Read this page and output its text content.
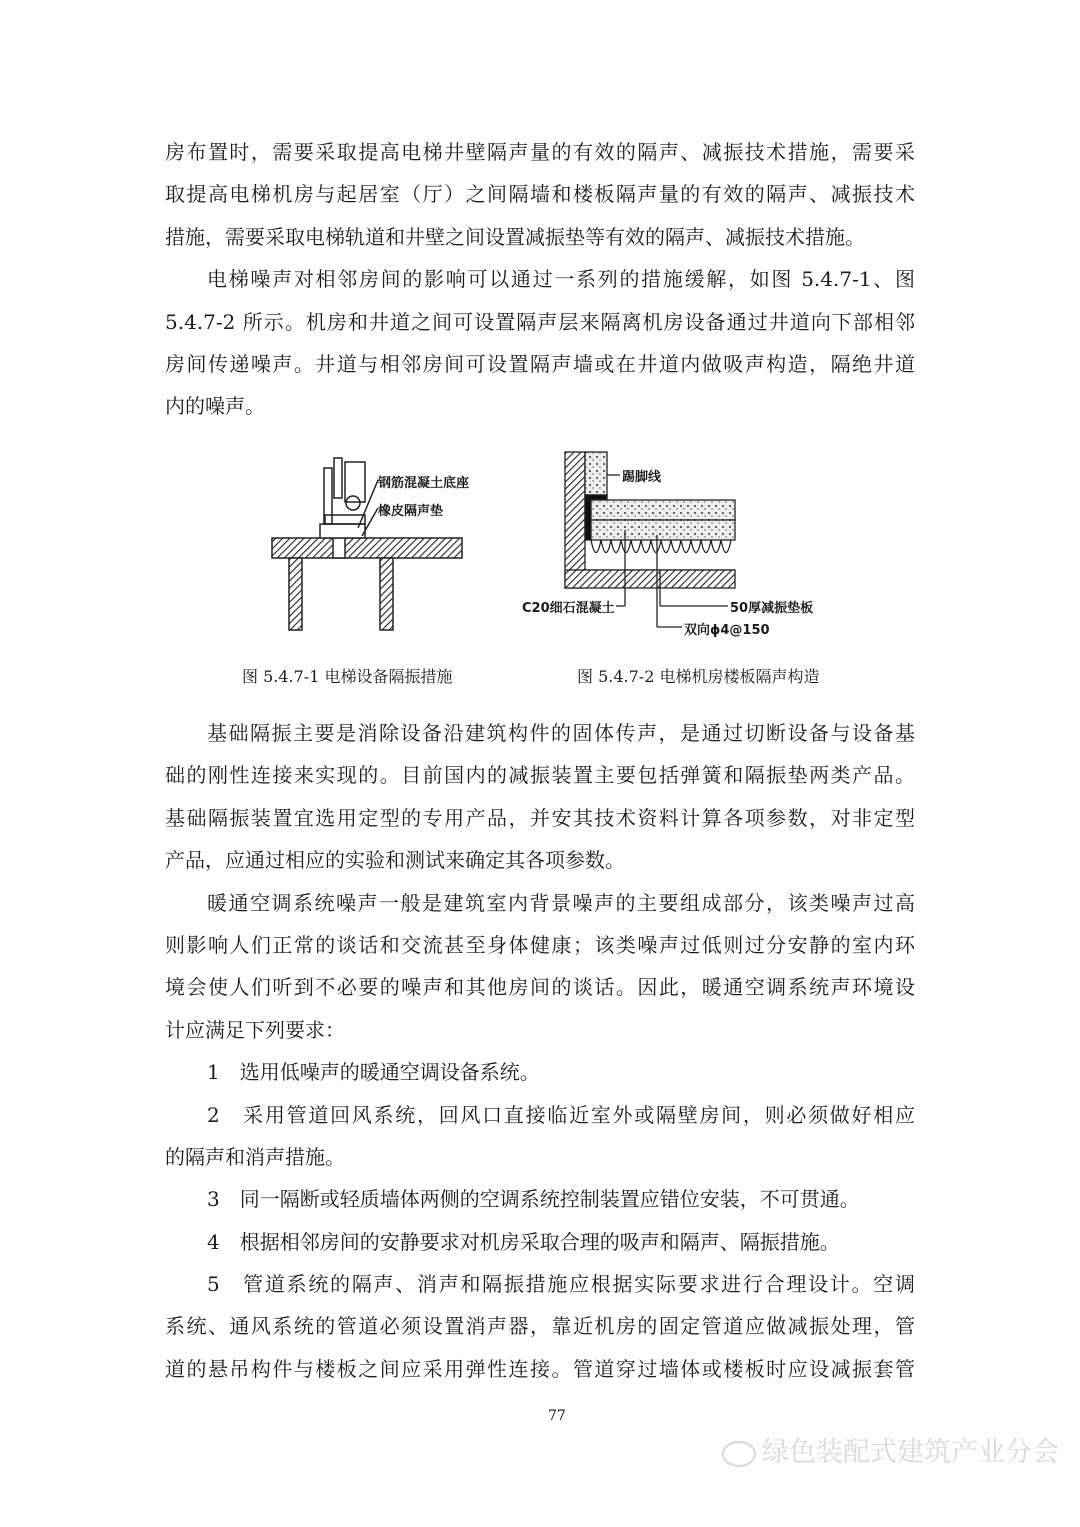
房布置时，需要采取提高电梯井壁隔声量的有效的隔声、减振技术措施，需要采
取提高电梯机房与起居室（厅）之间隔墙和楼板隔声量的有效的隔声、减振技术
措施，需要采取电梯轨道和井壁之间设置减振垫等有效的隔声、减振技术措施。
电梯噪声对相邻房间的影响可以通过一系列的措施缓解，如图 5.4.7-1、图
5.4.7-2 所示。机房和井道之间可设置隔声层来隔离机房设备通过井道向下部相邻
房间传递噪声。井道与相邻房间可设置隔声墙或在井道内做吸声构造，隔绝井道
内的噪声。
钢筋混凝土底座
橡皮隔声垫
踢脚线
C20细石混凝土	50厚减振垫板
双向ϕ4@150
图 5.4.7-1 电梯设备隔振措施	图 5.4.7-2 电梯机房楼板隔声构造
基础隔振主要是消除设备沿建筑构件的固体传声，是通过切断设备与设备基
础的刚性连接来实现的。目前国内的减振装置主要包括弹簧和隔振垫两类产品。
基础隔振装置宜选用定型的专用产品，并安其技术资料计算各项参数，对非定型
产品，应通过相应的实验和测试来确定其各项参数。
暖通空调系统噪声一般是建筑室内背景噪声的主要组成部分，该类噪声过高
则影响人们正常的谈话和交流甚至身体健康；该类噪声过低则过分安静的室内环
境会使人们听到不必要的噪声和其他房间的谈话。因此，暖通空调系统声环境设
计应满足下列要求：
1　选用低噪声的暖通空调设备系统。
2　采用管道回风系统，回风口直接临近室外或隔壁房间，则必须做好相应
的隔声和消声措施。
3　同一隔断或轻质墙体两侧的空调系统控制装置应错位安装，不可贯通。
4　根据相邻房间的安静要求对机房采取合理的吸声和隔声、隔振措施。
5　管道系统的隔声、消声和隔振措施应根据实际要求进行合理设计。空调
系统、通风系统的管道必须设置消声器，靠近机房的固定管道应做减振处理，管
道的悬吊构件与楼板之间应采用弹性连接。管道穿过墙体或楼板时应设减振套管
77
绿色装配式建筑产业分会
